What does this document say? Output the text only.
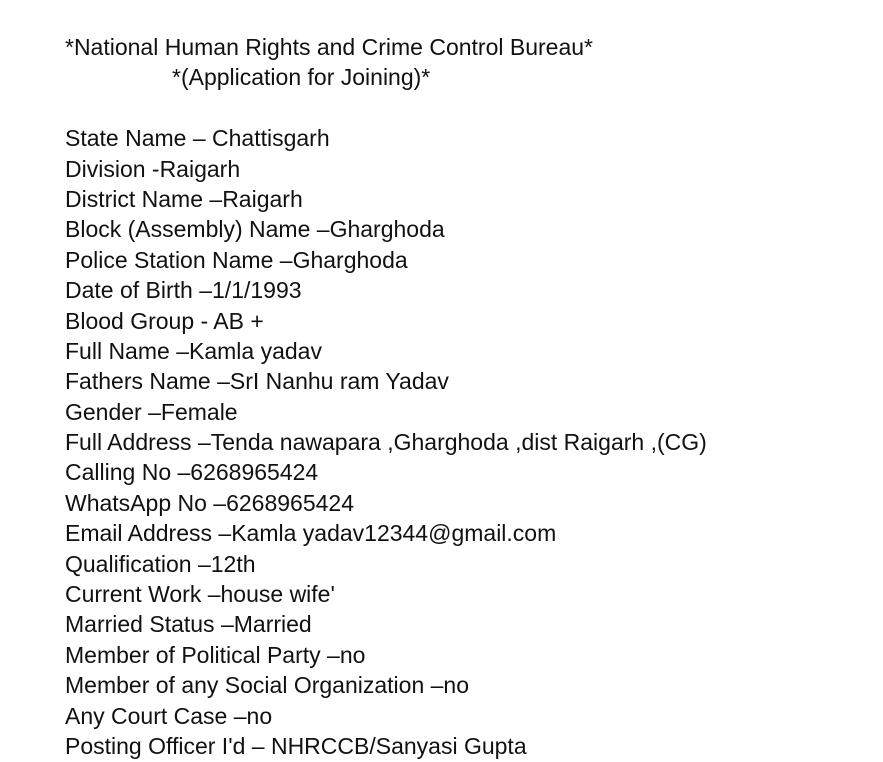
*National Human Rights and Crime Control Bureau*
*(Application for Joining)*
State Name – Chattisgarh
Division -Raigarh
District Name –Raigarh
Block (Assembly) Name –Gharghoda
Police Station Name –Gharghoda
Date of Birth –1/1/1993
Blood Group - AB +
Full Name –Kamla yadav
Fathers Name –SrI Nanhu ram Yadav
Gender –Female
Full Address –Tenda nawapara ,Gharghoda ,dist Raigarh ,(CG)
Calling No –6268965424
WhatsApp No –6268965424
Email Address –Kamla yadav12344@gmail.com
Qualification –12th
Current Work –house wife'
Married Status –Married
Member of Political Party –no
Member of any Social Organization –no
Any Court Case –no
Posting Officer I'd – NHRCCB/Sanyasi Gupta
